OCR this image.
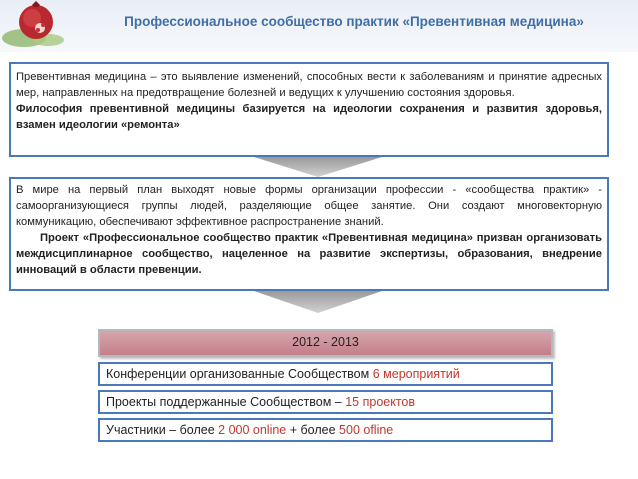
Профессиональное сообщество практик «Превентивная медицина»

Превентивная медицина – это выявление изменений, способных вести к заболеваниям и принятие адресных мер, направленных на предотвращение болезней и ведущих к улучшению состояния здоровья.

Философия превентивной медицины базируется на идеологии сохранения и развития здоровья, взамен идеологии «ремонта»

В мире на первый план выходят новые формы организации профессии - «сообщества практик» - самоорганизующиеся группы людей, разделяющие общее занятие. Они создают многовекторную коммуникацию, обеспечивают эффективное распространение знаний.

Проект «Профессиональное сообщество практик «Превентивная медицина» призван организовать междисциплинарное сообщество, нацеленное на развитие экспертизы, образования, внедрение инноваций в области превенции.

2012 - 2013
Конференции организованные Сообществом 6 мероприятий
Проекты поддержанные Сообществом – 15 проектов
Участники – более 2 000 online + более 500 ofline
